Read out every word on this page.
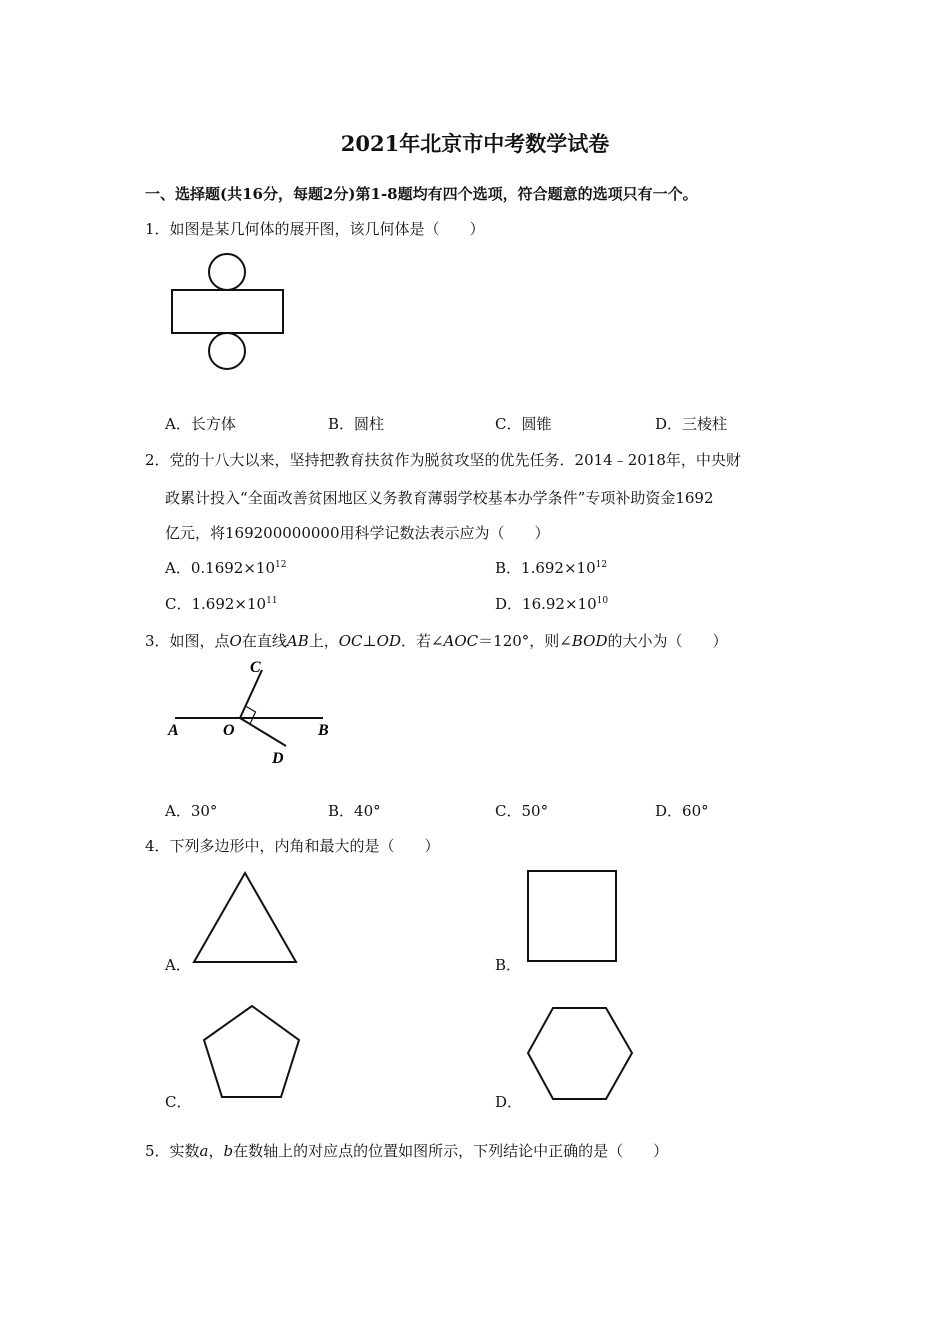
2021年北京市中考数学试卷
一、选择题(共16分，每题2分)第1-8题均有四个选项，符合题意的选项只有一个。
1．如图是某几何体的展开图，该几何体是（　　）
A．长方体	B．圆柱	C．圆锥	D．三棱柱
2．党的十八大以来，坚持把教育扶贫作为脱贫攻坚的优先任务．2014﹣2018年，中央财
政累计投入“全面改善贫困地区义务教育薄弱学校基本办学条件”专项补助资金1692
亿元，将169200000000用科学记数法表示应为（　　）
A．$0.1692\times 10^{12}$	B．$1.692\times 10^{12}$
C．$1.692\times 10^{11}$	D．$16.92\times 10^{10}$
3．如图，点O在直线AB上，OC⊥OD．若∠AOC＝120°，则∠BOD的大小为（　　）
A	O	B
C
D
A．30°	B．40°	C．50°	D．60°
4．下列多边形中，内角和最大的是（　　）
A．	B．
C．	D．
5．实数a，b在数轴上的对应点的位置如图所示，下列结论中正确的是（　　）
